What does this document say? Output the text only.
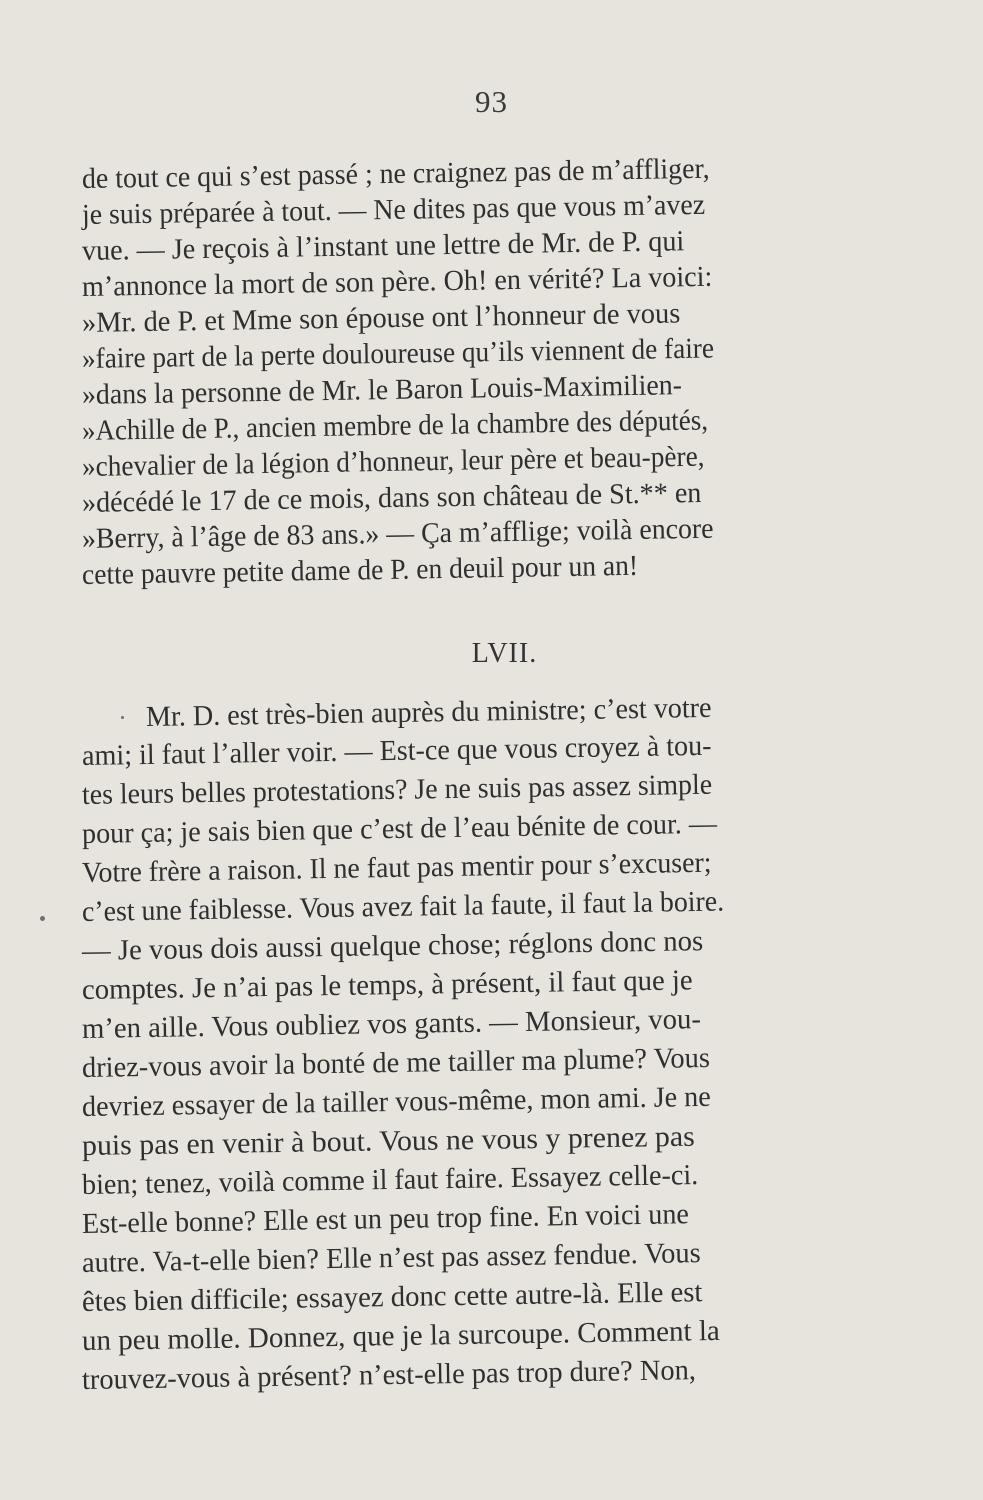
93

de tout ce qui s’est passé ; ne craignez pas de m’affliger,

je suis préparée à tout. — Ne dites pas que vous m’avez

vue. — Je reçois à l’instant une lettre de Mr. de P. qui

m’annonce la mort de son père. Oh! en vérité? La voici:

»Mr. de P. et Mme son épouse ont l’honneur de vous

»faire part de la perte douloureuse qu’ils viennent de faire

»dans la personne de Mr. le Baron Louis-Maximilien-

»Achille de P., ancien membre de la chambre des députés,

»chevalier de la légion d’honneur, leur père et beau-père,

»décédé le 17 de ce mois, dans son château de St.** en

»Berry, à l’âge de 83 ans.» — Ça m’afflige; voilà encore

cette pauvre petite dame de P. en deuil pour un an!

LVII.

Mr. D. est très-bien auprès du ministre; c’est votre

ami; il faut l’aller voir. — Est-ce que vous croyez à tou-

tes leurs belles protestations? Je ne suis pas assez simple

pour ça; je sais bien que c’est de l’eau bénite de cour. —

Votre frère a raison. Il ne faut pas mentir pour s’excuser;

c’est une faiblesse. Vous avez fait la faute, il faut la boire.

— Je vous dois aussi quelque chose; réglons donc nos

comptes. Je n’ai pas le temps, à présent, il faut que je

m’en aille. Vous oubliez vos gants. — Monsieur, vou-

driez-vous avoir la bonté de me tailler ma plume? Vous

devriez essayer de la tailler vous-même, mon ami. Je ne

puis pas en venir à bout. Vous ne vous y prenez pas

bien; tenez, voilà comme il faut faire. Essayez celle-ci.

Est-elle bonne? Elle est un peu trop fine. En voici une

autre. Va-t-elle bien? Elle n’est pas assez fendue. Vous

êtes bien difficile; essayez donc cette autre-là. Elle est

un peu molle. Donnez, que je la surcoupe. Comment la

trouvez-vous à présent? n’est-elle pas trop dure? Non,
